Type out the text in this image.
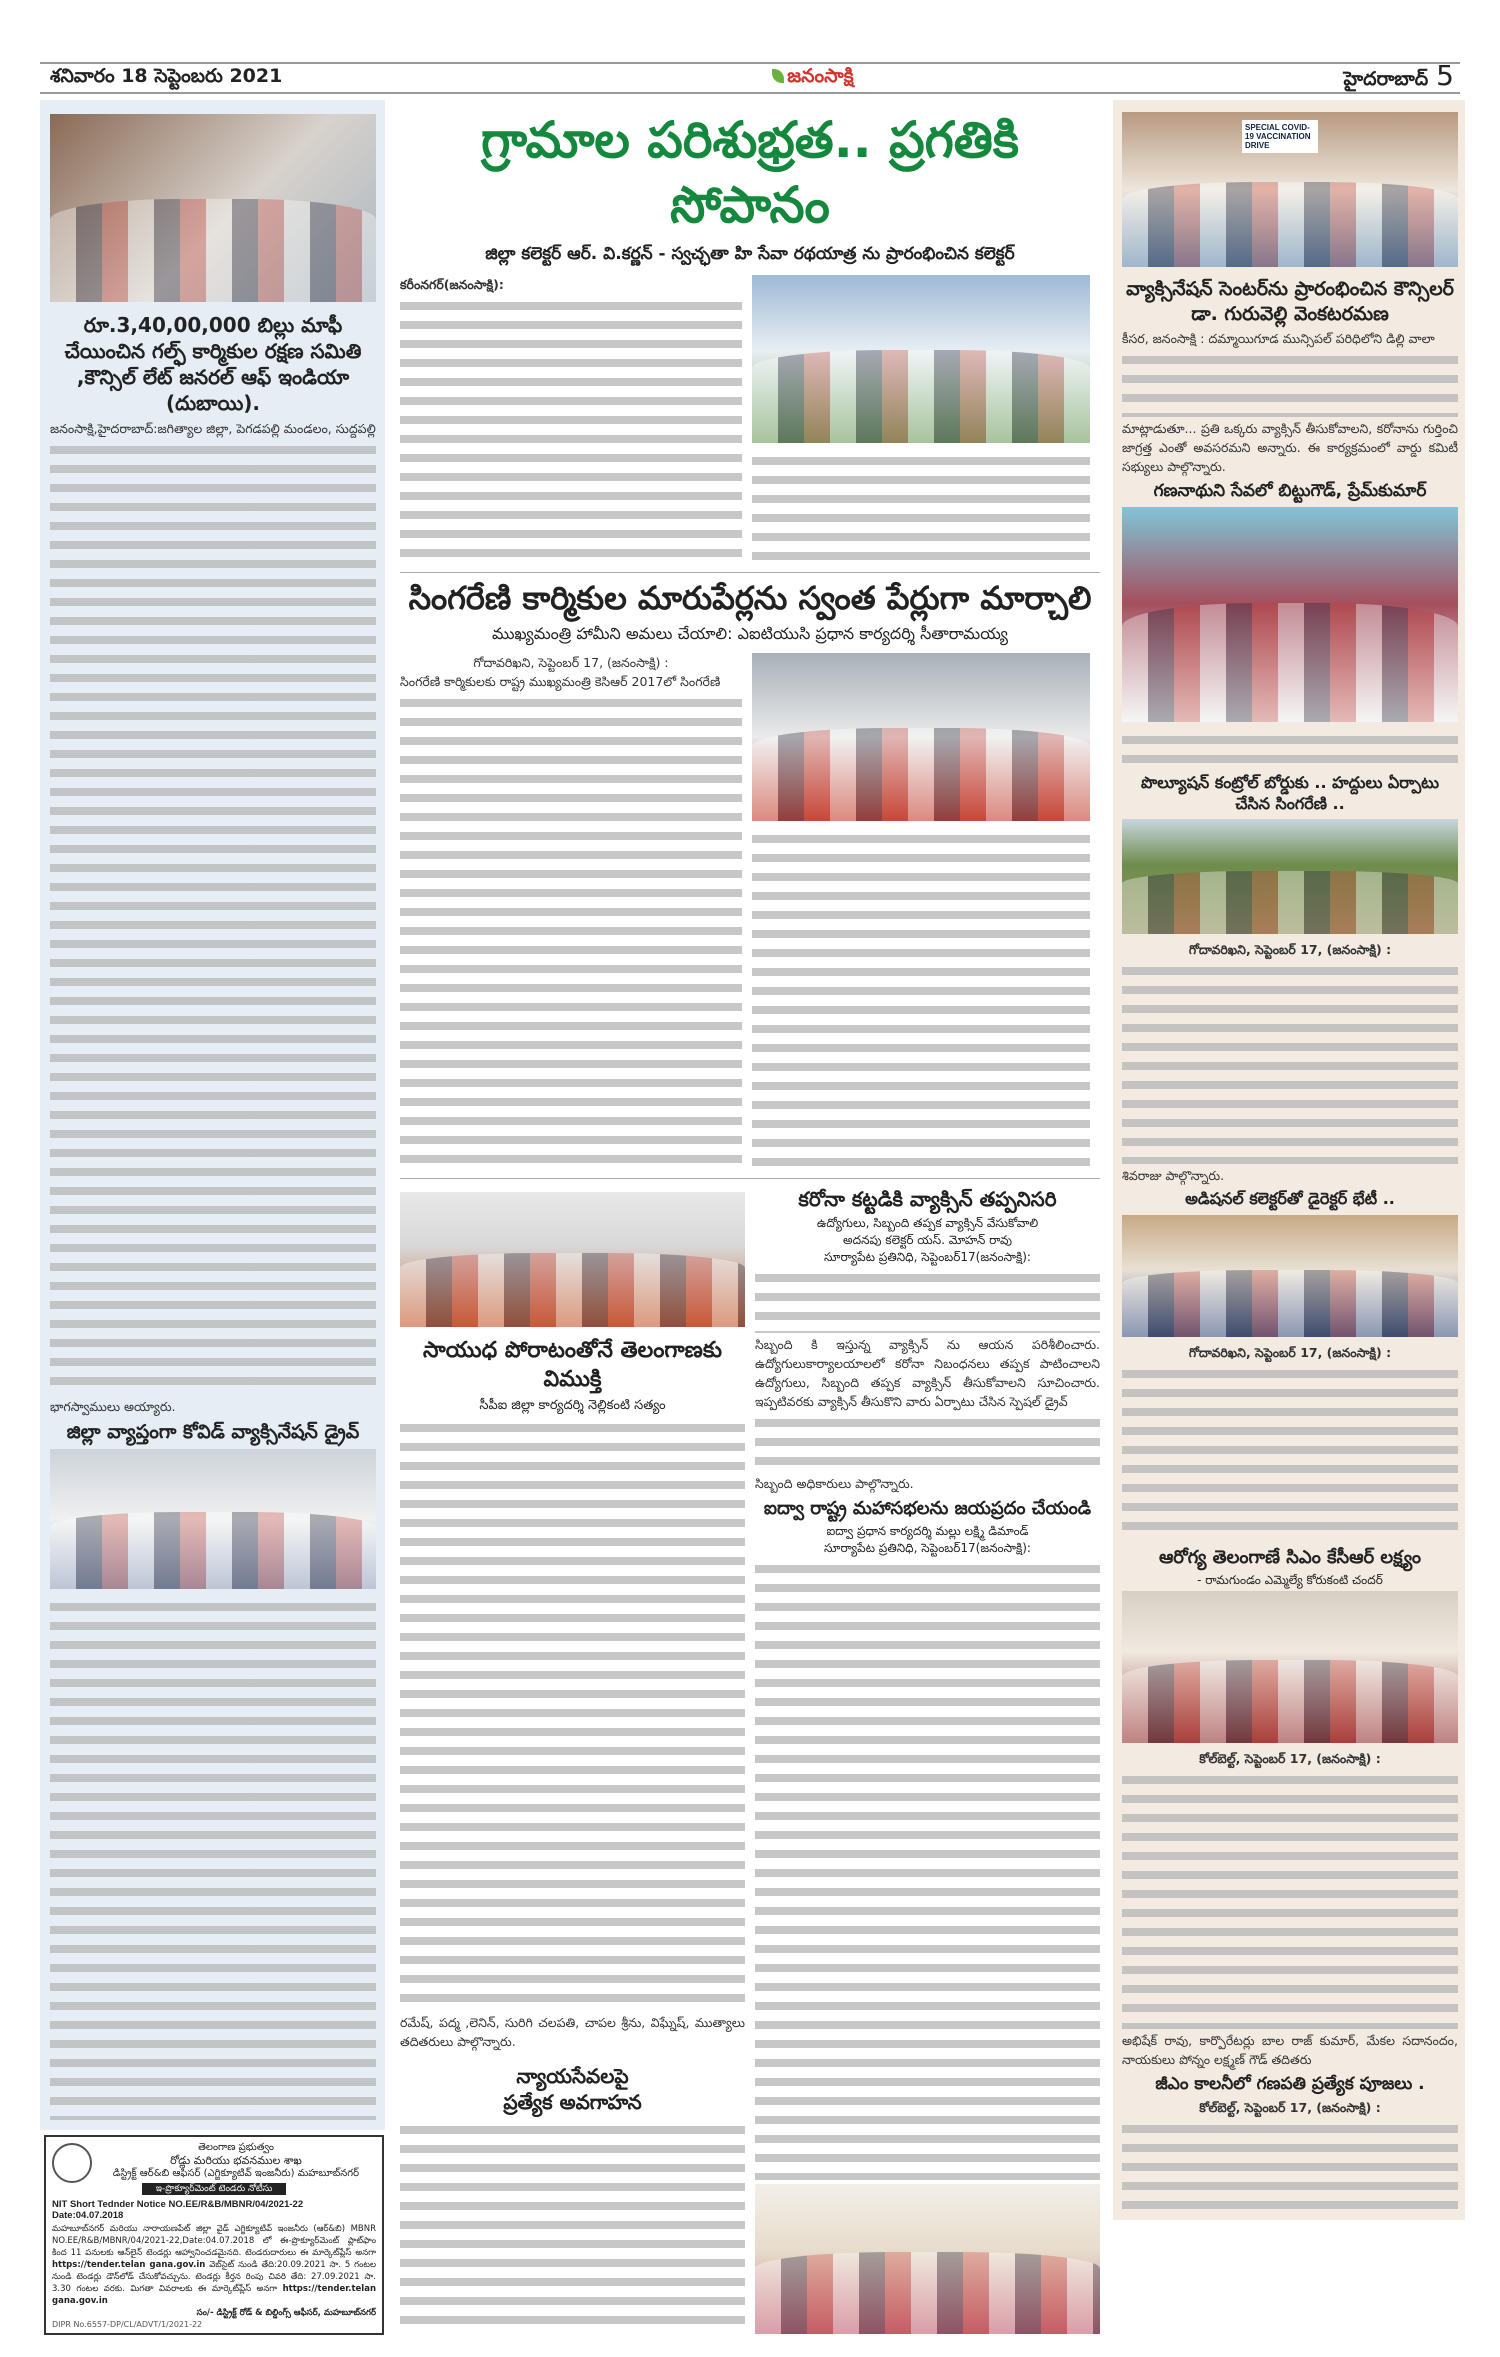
శనివారం 18 సెప్టెంబరు 2021	జనంసాక్షి	హైదరాబాద్ 5
రూ.3,40,00,000 బిల్లు మాఫీ చేయించిన గల్ఫ్ కార్మికుల రక్షణ సమితి ,కౌన్సిల్ లేట్ జనరల్ ఆఫ్ ఇండియా (దుబాయి).
జనంసాక్షి,హైదరాబాద్:జగిత్యాల జిల్లా, పెగడపల్లి మండలం, సుద్దపల్లి
భాగస్వాములు అయ్యారు.
జిల్లా వ్యాప్తంగా కోవిడ్ వ్యాక్సినేషన్ డ్రైవ్
తెలంగాణ ప్రభుత్వం
రోడ్లు మరియు భవనముల శాఖ
డిస్ట్రిక్ట్ ఆర్&బి ఆఫీసర్ (ఎగ్జిక్యూటివ్ ఇంజనీరు) మహబూబ్‌నగర్
ఇ-ప్రొక్యూర్‌మెంట్ టెండరు నోటీసు
NIT Short Tednder Notice NO.EE/R&B/MBNR/04/2021-22
Date:04.07.2018
మహబూబ్‌నగర్ మరియు నారాయణపేట్ జిల్లా వైడ్ ఎగ్జిక్యూటివ్ ఇంజనీరు (ఆర్&బి) MBNR NO.EE/R&B/MBNR/04/2021-22,Date:04.07.2018 లో ఈ-ప్రొక్యూర్‌మెంట్ ప్లాట్‌ఫాం కింద 11 పనులకు ఆన్‌లైన్ టెండర్లు ఆహ్వానించడమైనది. టెండరుదారులు ఈ మార్కెట్‌ప్లేస్ అనగా https://tender.telan gana.gov.in వెబ్‌సైట్ నుండి తేది:20.09.2021 సా. 5 గంటల నుండి టెండర్లు డౌన్‌లోడ్ చేసుకోవచ్చును. టెండర్లు కీర్తన రింపు చివరి తేది: 27.09.2021 సా. 3.30 గంటల వరకు. మిగతా వివరాలకు ఈ మార్కెట్‌ప్లేస్ అనగా https://tender.telan gana.gov.in
సం/- డిస్ట్రిక్ట్ రోడ్ & బిల్డింగ్స్ ఆఫీసర్, మహబూబ్‌నగర్
DIPR No.6557-DP/CL/ADVT/1/2021-22
గ్రామాల పరిశుభ్రత.. ప్రగతికి సోపానం
జిల్లా కలెక్టర్ ఆర్. వి.కర్ణన్ - స్వచ్ఛతా హి సేవా రథయాత్ర ను ప్రారంభించిన కలెక్టర్
కరీంనగర్(జనంసాక్షి):
సింగరేణి కార్మికుల మారుపేర్లను స్వంత పేర్లుగా మార్చాలి
ముఖ్యమంత్రి హామీని అమలు చేయాలి: ఎఐటియుసి ప్రధాన కార్యదర్శి సీతారామయ్య
గోదావరిఖని, సెప్టెంబర్ 17, (జనంసాక్షి) :
సింగరేణి కార్మికులకు రాష్ట్ర ముఖ్యమంత్రి కెసిఆర్ 2017లో సింగరేణి
సాయుధ పోరాటంతోనే తెలంగాణకు విముక్తి
సీపీఐ జిల్లా కార్యదర్శి నెల్లికంటి సత్యం
రమేష్, పద్మ ,లెనిన్, సురిగి చలపతి, చాపల శ్రీను, విఘ్నేష్, ముత్యాలు తదితరులు పాల్గొన్నారు.
న్యాయసేవలపై
ప్రత్యేక అవగాహన
కరోనా కట్టడికి వ్యాక్సిన్ తప్పనిసరి
ఉద్యోగులు, సిబ్బంది తప్పక వ్యాక్సిన్ వేసుకోవాలి
అదనపు కలెక్టర్ యస్. మోహన్ రావు
సూర్యాపేట ప్రతినిధి, సెప్టెంబర్17(జనంసాక్షి):
సిబ్బంది కి ఇస్తున్న వ్యాక్సిన్ ను ఆయన పరిశీలించారు. ఉద్యోగులుకార్యాలయాలలో కరోనా నిబంధనలు తప్పక పాటించాలని ఉద్యోగులు, సిబ్బంది తప్పక వ్యాక్సిన్ తీసుకోవాలని సూచించారు. ఇప్పటివరకు వ్యాక్సిన్ తీసుకొని వారు ఏర్పాటు చేసిన స్పెషల్ డ్రైవ్
సిబ్బంది అధికారులు పాల్గొన్నారు.
ఐద్వా రాష్ట్ర మహాసభలను జయప్రదం చేయండి
ఐద్వా ప్రధాన కార్యదర్శి మల్లు లక్ష్మి డిమాండ్
సూర్యాపేట ప్రతినిధి, సెప్టెంబర్17(జనంసాక్షి):
SPECIAL COVID-19 VACCINATION DRIVE
వ్యాక్సినేషన్ సెంటర్‌ను ప్రారంభించిన కౌన్సిలర్ డా. గురువెల్లి వెంకటరమణ
కీసర, జనంసాక్షి : దమ్మాయిగూడ మున్సిపల్ పరిధిలోని డిల్లి వాలా
మాట్లాడుతూ... ప్రతి ఒక్కరు వ్యాక్సిన్ తీసుకోవాలని, కరోనాను గుర్తించి జాగ్రత్త ఎంతో అవసరమని అన్నారు. ఈ కార్యక్రమంలో వార్డు కమిటీ సభ్యులు పాల్గొన్నారు.
గణనాథుని సేవలో బిట్టుగౌడ్, ప్రేమ్‌కుమార్
పొల్యూషన్ కంట్రోల్ బోర్డుకు .. హద్దులు ఏర్పాటు చేసిన సింగరేణి ..
గోదావరిఖని, సెప్టెంబర్ 17, (జనంసాక్షి) :
శివరాజు పాల్గొన్నారు.
అడిషనల్ కలెక్టర్‌తో డైరెక్టర్ భేటీ ..
గోదావరిఖని, సెప్టెంబర్ 17, (జనంసాక్షి) :
ఆరోగ్య తెలంగాణే సిఎం కేసీఆర్ లక్ష్యం
- రామగుండం ఎమ్మెల్యే కోరుకంటి చందర్
కోల్‌బెల్ట్, సెప్టెంబర్ 17, (జనంసాక్షి) :
అభిషేక్ రావు, కార్పొరేటర్లు బాల రాజ్ కుమార్, మేకల సదానందం, నాయకులు పోన్నం లక్ష్మణ్ గౌడ్ తదితరు
జీఎం కాలనీలో గణపతి ప్రత్యేక పూజలు .
కోల్‌బెల్ట్, సెప్టెంబర్ 17, (జనంసాక్షి) :
